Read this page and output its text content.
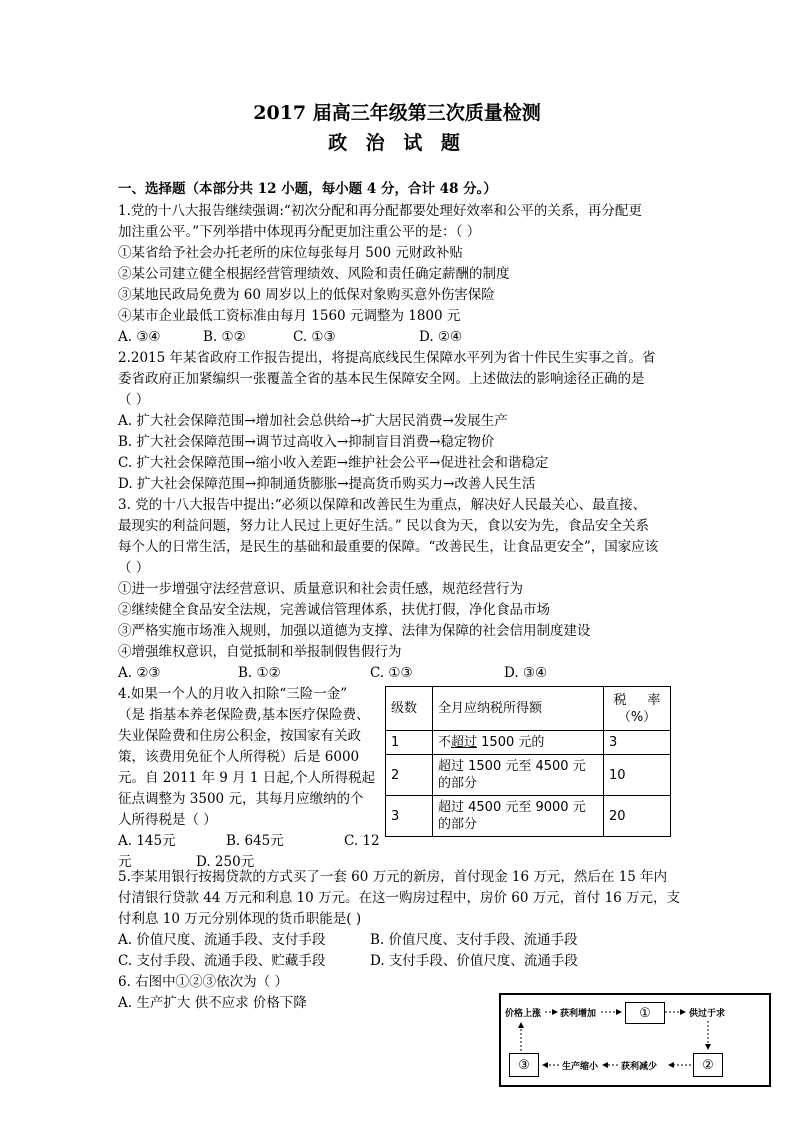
2017 届高三年级第三次质量检测
政 治 试 题
一、选择题（本部分共 12 小题，每小题 4 分，合计 48 分。）
1.党的十八大报告继续强调:“初次分配和再分配都要处理好效率和公平的关系，再分配更
加注重公平。”下列举措中体现再分配更加注重公平的是：（ ）
①某省给予社会办托老所的床位每张每月 500 元财政补贴
②某公司建立健全根据经营管理绩效、风险和责任确定薪酬的制度
③某地民政局免费为 60 周岁以上的低保对象购买意外伤害保险
④某市企业最低工资标准由每月 1560 元调整为 1800 元
A. ③④	B. ①②	C. ①③	D. ②④
2.2015 年某省政府工作报告提出，将提高底线民生保障水平列为省十件民生实事之首。省
委省政府正加紧编织一张覆盖全省的基本民生保障安全网。上述做法的影响途径正确的是
（ ）
A. 扩大社会保障范围→增加社会总供给→扩大居民消费→发展生产
B. 扩大社会保障范围→调节过高收入→抑制盲目消费→稳定物价
C. 扩大社会保障范围→缩小收入差距→维护社会公平→促进社会和谐稳定
D. 扩大社会保障范围→抑制通货膨胀→提高货币购买力→改善人民生活
3. 党的十八大报告中提出:“必须以保障和改善民生为重点，解决好人民最关心、最直接、
最现实的利益问题，努力让人民过上更好生活。” 民以食为天，食以安为先，食品安全关系
每个人的日常生活，是民生的基础和最重要的保障。“改善民生，让食品更安全”，国家应该
（ ）
①进一步增强守法经营意识、质量意识和社会责任感，规范经营行为
②继续健全食品安全法规，完善诚信管理体系，扶优打假，净化食品市场
③严格实施市场准入规则，加强以道德为支撑、法律为保障的社会信用制度建设
④增强维权意识，自觉抵制和举报制假售假行为
A. ②③	B. ①②	C. ①③	D. ③④
4.如果一个人的月收入扣除“三险一金”
（是 指基本养老保险费,基本医疗保险费、
失业保险费和住房公积金，按国家有关政
策，该费用免征个人所得税）后是 6000
元。自 2011 年 9 月 1 日起,个人所得税起
征点调整为 3500 元，其每月应缴纳的个
人所得税是（ ）
A. 145元	B. 645元	C. 12
元	D. 250元
级数	全月应纳税所得额	税     率
（%）

1	不超过 1500 元的	3
2	超过 1500 元至 4500 元的部分	10
3	超过 4500 元至 9000 元的部分	20
5.李某用银行按揭贷款的方式买了一套 60 万元的新房，首付现金 16 万元，然后在 15 年内
付清银行贷款 44 万元和利息 10 万元。在这一购房过程中，房价 60 万元，首付 16 万元，支
付利息 10 万元分别体现的货币职能是( )
A. 价值尺度、流通手段、支付手段	B. 价值尺度、支付手段、流通手段
C. 支付手段、流通手段、贮藏手段	D. 支付手段、价值尺度、流通手段
6. 右图中①②③依次为（ ）
A. 生产扩大 供不应求 价格下降
价格上涨 获利增加	①	供过于求
②
获利减少
生产缩小
③
